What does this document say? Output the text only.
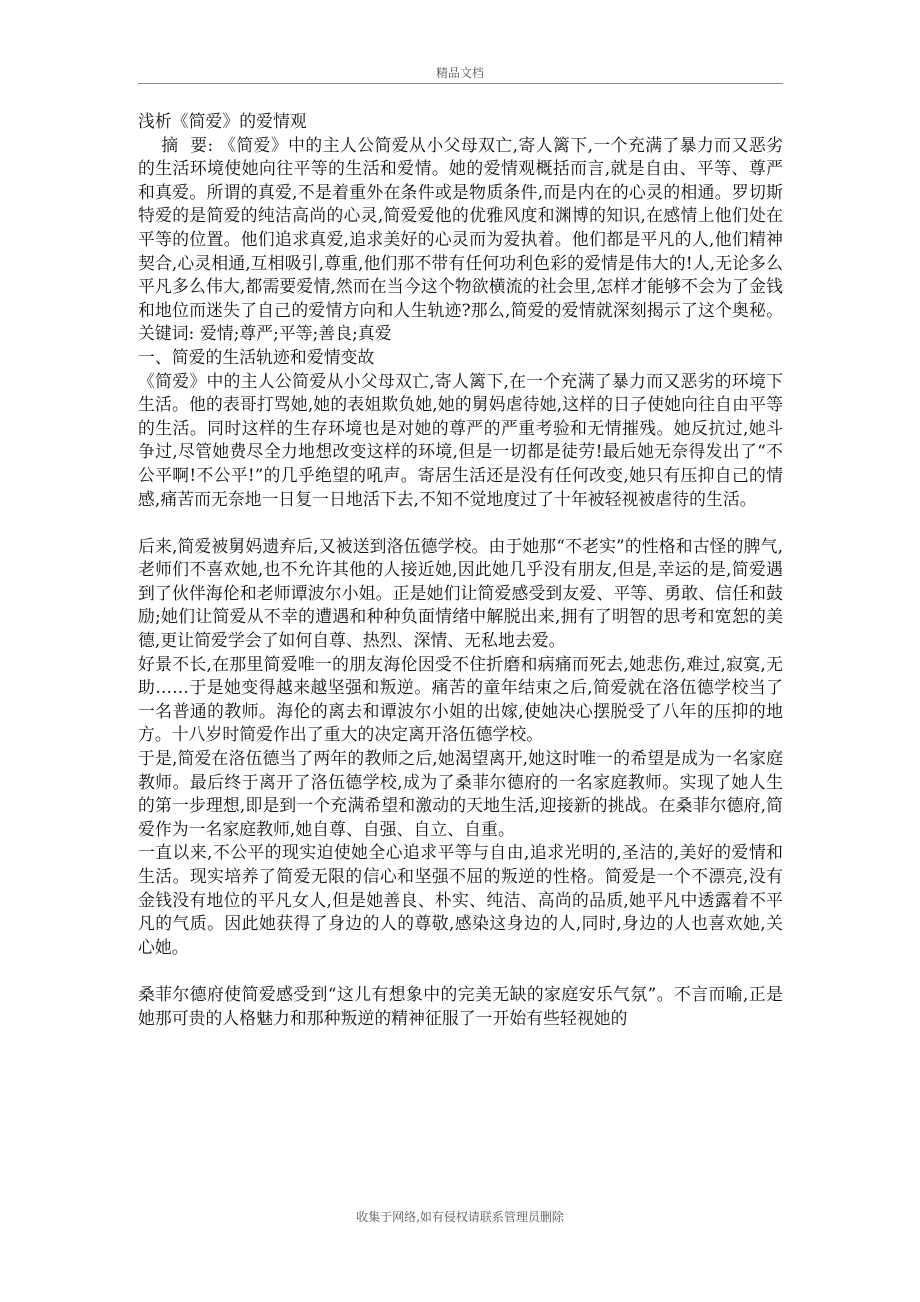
精品文档

浅析《简爱》的爱情观

摘  要: 《简爱》中的主人公简爱从小父母双亡,寄人篱下,一个充满了暴力而又恶劣的生活环境使她向往平等的生活和爱情。她的爱情观概括而言,就是自由、平等、尊严和真爱。所谓的真爱,不是着重外在条件或是物质条件,而是内在的心灵的相通。罗切斯特爱的是简爱的纯洁高尚的心灵,简爱爱他的优雅风度和渊博的知识,在感情上他们处在平等的位置。他们追求真爱,追求美好的心灵而为爱执着。他们都是平凡的人,他们精神契合,心灵相通,互相吸引,尊重,他们那不带有任何功利色彩的爱情是伟大的!人,无论多么平凡多么伟大,都需要爱情,然而在当今这个物欲横流的社会里,怎样才能够不会为了金钱和地位而迷失了自己的爱情方向和人生轨迹?那么,简爱的爱情就深刻揭示了这个奥秘。   关键词: 爱情;尊严;平等;善良;真爱

一、简爱的生活轨迹和爱情变故

《简爱》中的主人公简爱从小父母双亡,寄人篱下,在一个充满了暴力而又恶劣的环境下生活。他的表哥打骂她,她的表姐欺负她,她的舅妈虐待她,这样的日子使她向往自由平等的生活。同时这样的生存环境也是对她的尊严的严重考验和无情摧残。她反抗过,她斗争过,尽管她费尽全力地想改变这样的环境,但是一切都是徒劳!最后她无奈得发出了“不公平啊!不公平!”的几乎绝望的吼声。寄居生活还是没有任何改变,她只有压抑自己的情感,痛苦而无奈地一日复一日地活下去,不知不觉地度过了十年被轻视被虐待的生活。

后来,简爱被舅妈遗弃后,又被送到洛伍德学校。由于她那“不老实”的性格和古怪的脾气,老师们不喜欢她,也不允许其他的人接近她,因此她几乎没有朋友,但是,幸运的是,简爱遇到了伙伴海伦和老师谭波尔小姐。正是她们让简爱感受到友爱、平等、勇敢、信任和鼓励;她们让简爱从不幸的遭遇和种种负面情绪中解脱出来,拥有了明智的思考和宽恕的美德,更让简爱学会了如何自尊、热烈、深情、无私地去爱。

好景不长,在那里简爱唯一的朋友海伦因受不住折磨和病痛而死去,她悲伤,难过,寂寞,无助……于是她变得越来越坚强和叛逆。痛苦的童年结束之后,简爱就在洛伍德学校当了一名普通的教师。海伦的离去和谭波尔小姐的出嫁,使她决心摆脱受了八年的压抑的地方。十八岁时简爱作出了重大的决定离开洛伍德学校。

于是,简爱在洛伍德当了两年的教师之后,她渴望离开,她这时唯一的希望是成为一名家庭教师。最后终于离开了洛伍德学校,成为了桑菲尔德府的一名家庭教师。实现了她人生的第一步理想,即是到一个充满希望和激动的天地生活,迎接新的挑战。在桑菲尔德府,简爱作为一名家庭教师,她自尊、自强、自立、自重。

一直以来,不公平的现实迫使她全心追求平等与自由,追求光明的,圣洁的,美好的爱情和生活。现实培养了简爱无限的信心和坚强不屈的叛逆的性格。简爱是一个不漂亮,没有金钱没有地位的平凡女人,但是她善良、朴实、纯洁、高尚的品质,她平凡中透露着不平凡的气质。因此她获得了身边的人的尊敬,感染这身边的人,同时,身边的人也喜欢她,关心她。

桑菲尔德府使简爱感受到“这儿有想象中的完美无缺的家庭安乐气氛”。不言而喻,正是她那可贵的人格魅力和那种叛逆的精神征服了一开始有些轻视她的

收集于网络,如有侵权请联系管理员删除
